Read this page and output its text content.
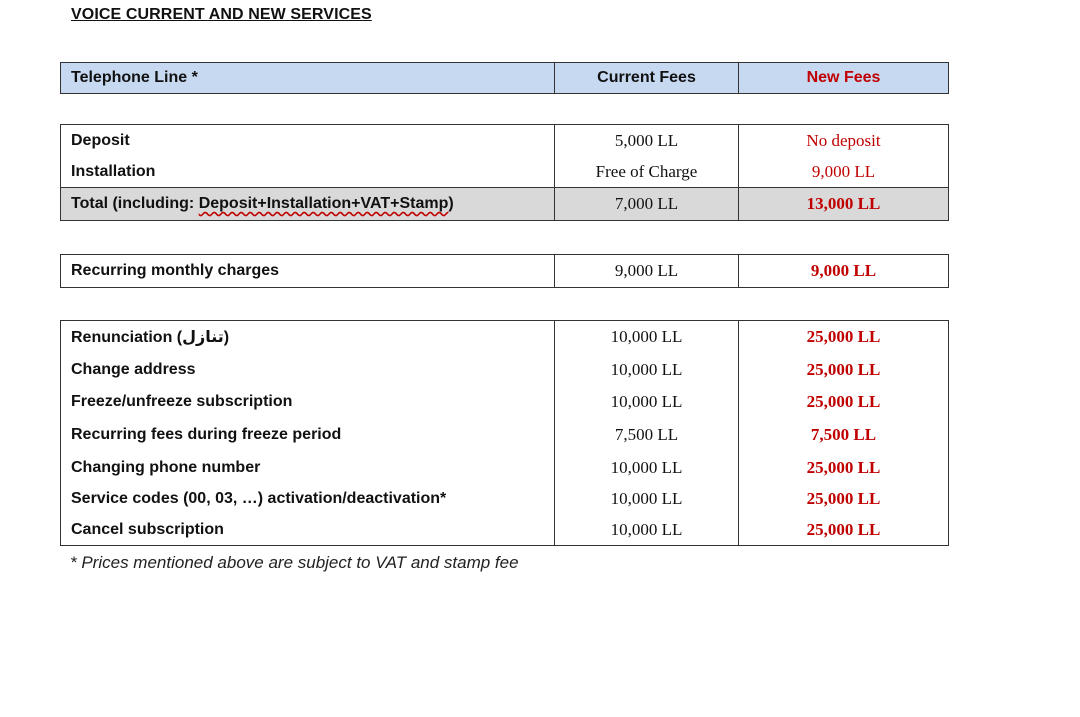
VOICE CURRENT AND NEW SERVICES
Telephone Line *	Current Fees	New Fees
Deposit	5,000 LL	No deposit
Installation	Free of Charge	9,000 LL
Total (including: Deposit+Installation+VAT+Stamp)	7,000 LL	13,000 LL
Recurring monthly charges	9,000 LL	9,000 LL
Renunciation (تنازل)	10,000 LL	25,000 LL
Change address	10,000 LL	25,000 LL
Freeze/unfreeze subscription	10,000 LL	25,000 LL
Recurring fees during freeze period	7,500 LL	7,500 LL
Changing phone number	10,000 LL	25,000 LL
Service codes (00, 03, …) activation/deactivation*	10,000 LL	25,000 LL
Cancel subscription	10,000 LL	25,000 LL
* Prices mentioned above are subject to VAT and stamp fee
